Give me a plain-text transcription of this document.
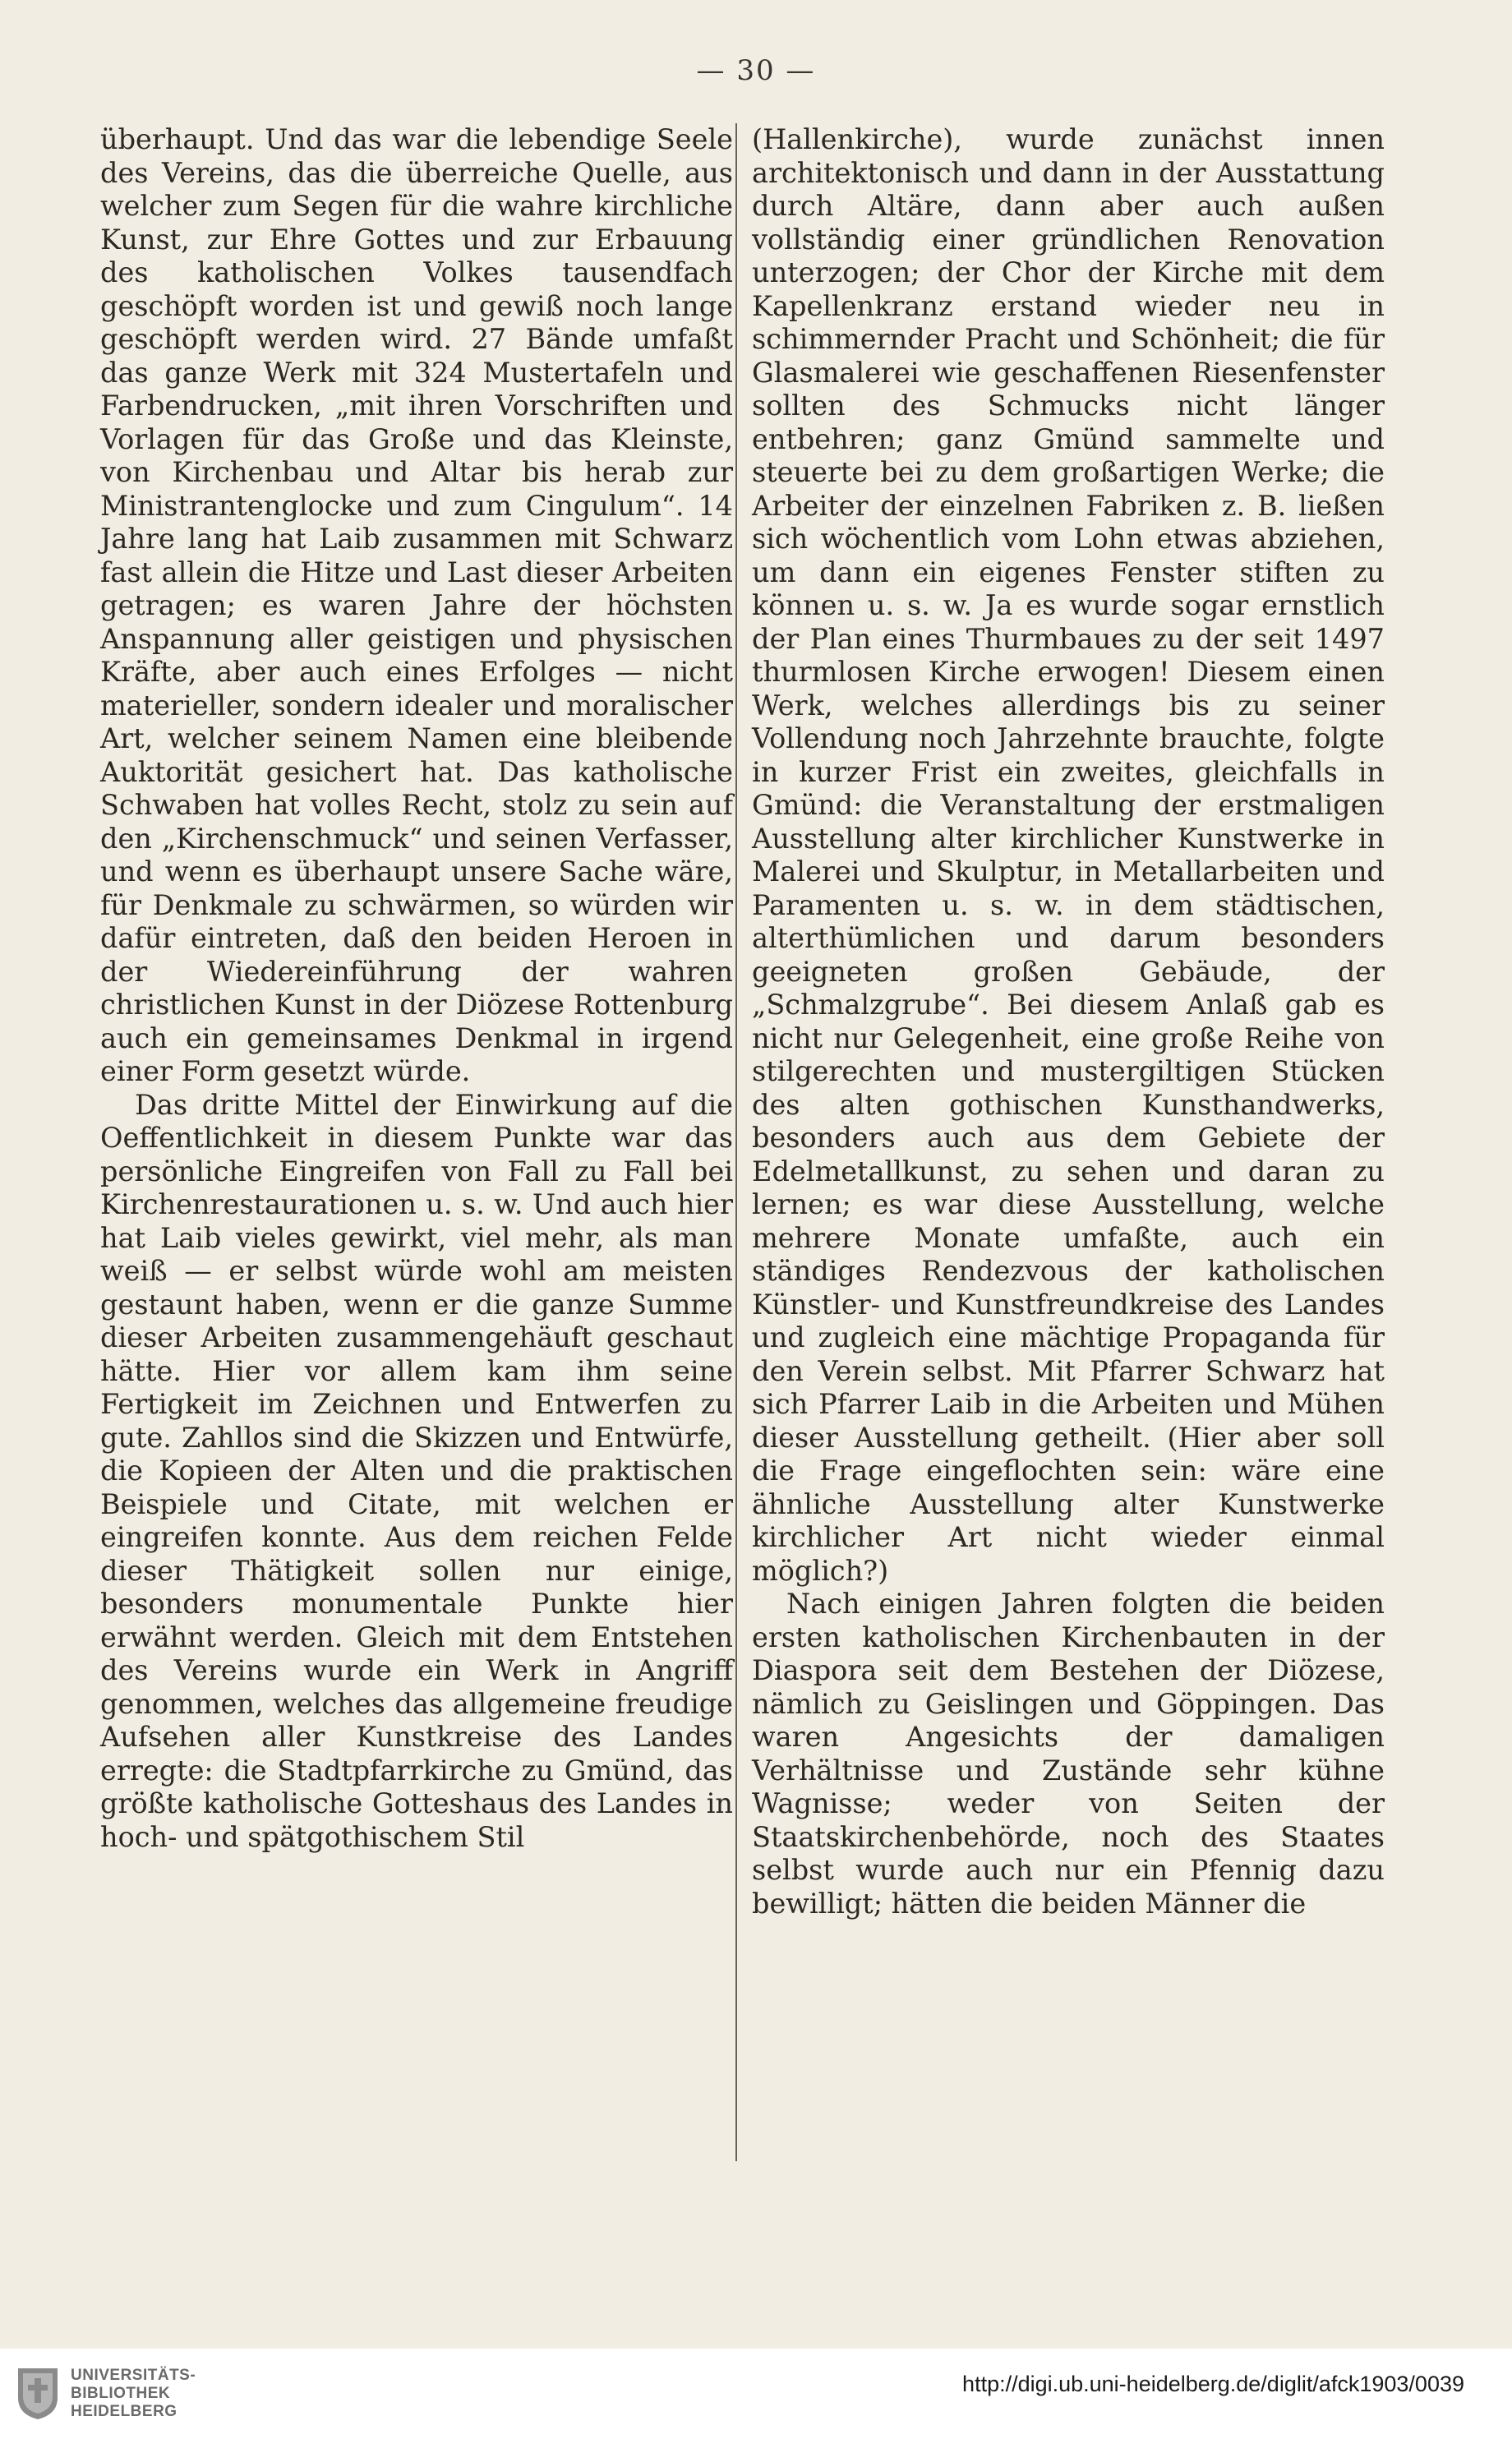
— 30 —

überhaupt. Und das war die lebendige Seele des Vereins, das die überreiche Quelle, aus welcher zum Segen für die wahre kirchliche Kunst, zur Ehre Gottes und zur Erbauung des katholischen Volkes tausendfach geschöpft worden ist und gewiß noch lange geschöpft werden wird. 27 Bände umfaßt das ganze Werk mit 324 Mustertafeln und Farbendrucken, „mit ihren Vorschriften und Vorlagen für das Große und das Kleinste, von Kirchenbau und Altar bis herab zur Ministrantenglocke und zum Cingulum“. 14 Jahre lang hat Laib zusammen mit Schwarz fast allein die Hitze und Last dieser Arbeiten getragen; es waren Jahre der höchsten Anspannung aller geistigen und physischen Kräfte, aber auch eines Erfolges — nicht materieller, sondern idealer und moralischer Art, welcher seinem Namen eine bleibende Auktorität gesichert hat. Das katholische Schwaben hat volles Recht, stolz zu sein auf den „Kirchenschmuck“ und seinen Verfasser, und wenn es überhaupt unsere Sache wäre, für Denkmale zu schwärmen, so würden wir dafür eintreten, daß den beiden Heroen in der Wiedereinführung der wahren christlichen Kunst in der Diözese Rottenburg auch ein gemeinsames Denkmal in irgend einer Form gesetzt würde.

Das dritte Mittel der Einwirkung auf die Oeffentlichkeit in diesem Punkte war das persönliche Eingreifen von Fall zu Fall bei Kirchenrestaurationen u. s. w. Und auch hier hat Laib vieles gewirkt, viel mehr, als man weiß — er selbst würde wohl am meisten gestaunt haben, wenn er die ganze Summe dieser Arbeiten zusammengehäuft geschaut hätte. Hier vor allem kam ihm seine Fertigkeit im Zeichnen und Entwerfen zu gute. Zahllos sind die Skizzen und Entwürfe, die Kopieen der Alten und die praktischen Beispiele und Citate, mit welchen er eingreifen konnte. Aus dem reichen Felde dieser Thätigkeit sollen nur einige, besonders monumentale Punkte hier erwähnt werden. Gleich mit dem Entstehen des Vereins wurde ein Werk in Angriff genommen, welches das allgemeine freudige Aufsehen aller Kunstkreise des Landes erregte: die Stadtpfarrkirche zu Gmünd, das größte katholische Gotteshaus des Landes in hoch- und spätgothischem Stil

(Hallenkirche), wurde zunächst innen architektonisch und dann in der Ausstattung durch Altäre, dann aber auch außen vollständig einer gründlichen Renovation unterzogen; der Chor der Kirche mit dem Kapellenkranz erstand wieder neu in schimmernder Pracht und Schönheit; die für Glasmalerei wie geschaffenen Riesenfenster sollten des Schmucks nicht länger entbehren; ganz Gmünd sammelte und steuerte bei zu dem großartigen Werke; die Arbeiter der einzelnen Fabriken z. B. ließen sich wöchentlich vom Lohn etwas abziehen, um dann ein eigenes Fenster stiften zu können u. s. w. Ja es wurde sogar ernstlich der Plan eines Thurmbaues zu der seit 1497 thurmlosen Kirche erwogen! Diesem einen Werk, welches allerdings bis zu seiner Vollendung noch Jahrzehnte brauchte, folgte in kurzer Frist ein zweites, gleichfalls in Gmünd: die Veranstaltung der erstmaligen Ausstellung alter kirchlicher Kunstwerke in Malerei und Skulptur, in Metallarbeiten und Paramenten u. s. w. in dem städtischen, alterthümlichen und darum besonders geeigneten großen Gebäude, der „Schmalzgrube“. Bei diesem Anlaß gab es nicht nur Gelegenheit, eine große Reihe von stilgerechten und mustergiltigen Stücken des alten gothischen Kunsthandwerks, besonders auch aus dem Gebiete der Edelmetallkunst, zu sehen und daran zu lernen; es war diese Ausstellung, welche mehrere Monate umfaßte, auch ein ständiges Rendezvous der katholischen Künstler- und Kunstfreundkreise des Landes und zugleich eine mächtige Propaganda für den Verein selbst. Mit Pfarrer Schwarz hat sich Pfarrer Laib in die Arbeiten und Mühen dieser Ausstellung getheilt. (Hier aber soll die Frage eingeflochten sein: wäre eine ähnliche Ausstellung alter Kunstwerke kirchlicher Art nicht wieder einmal möglich?)

Nach einigen Jahren folgten die beiden ersten katholischen Kirchenbauten in der Diaspora seit dem Bestehen der Diözese, nämlich zu Geislingen und Göppingen. Das waren Angesichts der damaligen Verhältnisse und Zustände sehr kühne Wagnisse; weder von Seiten der Staatskirchenbehörde, noch des Staates selbst wurde auch nur ein Pfennig dazu bewilligt; hätten die beiden Männer die

UNIVERSITÄTS-
BIBLIOTHEK
HEIDELBERG
http://digi.ub.uni-heidelberg.de/diglit/afck1903/0039
